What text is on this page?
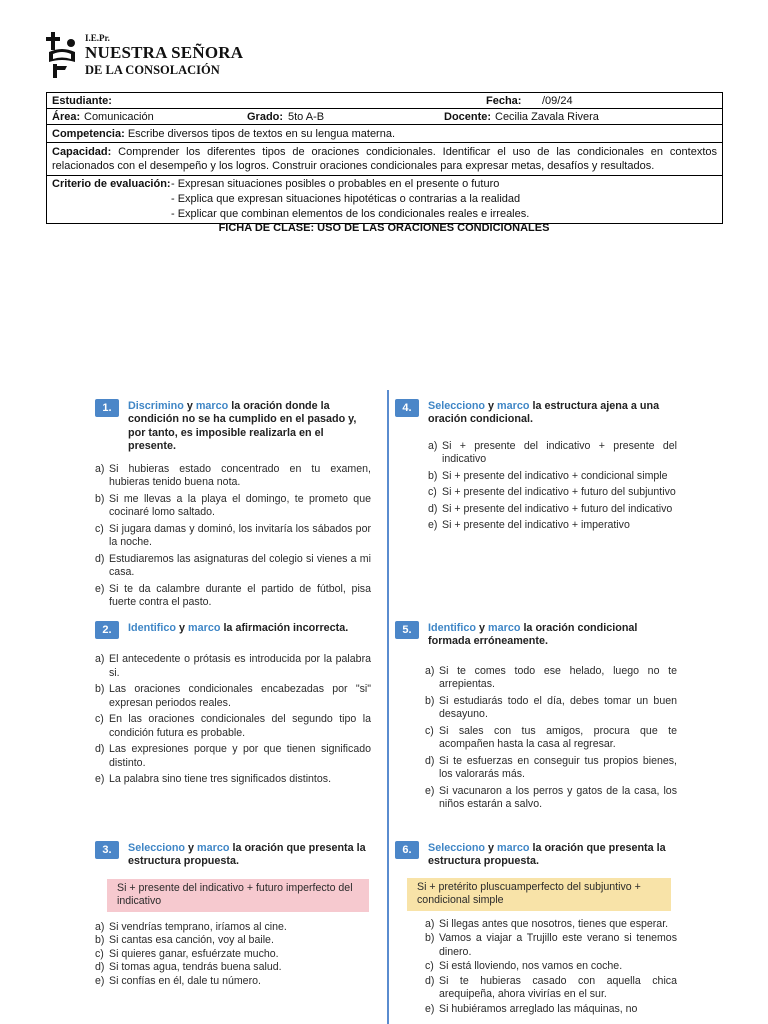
I.E.Pr.
NUESTRA SEÑORA
DE LA CONSOLACIÓN
Estudiante:	Fecha: /09/24
Área: Comunicación	Grado: 5to A-B	Docente: Cecilia Zavala Rivera
Competencia: Escribe diversos tipos de textos en su lengua materna.
Capacidad: Comprender los diferentes tipos de oraciones condicionales. Identificar el uso de las condicionales en contextos relacionados con el desempeño y los logros. Construir oraciones condicionales para expresar metas, desafíos y resultados.
Criterio de evaluación: - Expresan situaciones posibles o probables en el presente o futuro
- Explica que expresan situaciones hipotéticas o contrarias a la realidad
- Explicar que combinan elementos de los condicionales reales e irreales.
FICHA DE CLASE: USO DE LAS ORACIONES CONDICIONALES
1.	Discrimino y marco la oración donde la condición no se ha cumplido en el pasado y, por tanto, es imposible realizarla en el presente.
a) Si hubieras estado concentrado en tu examen, hubieras tenido buena nota.
b) Si me llevas a la playa el domingo, te prometo que cocinaré lomo saltado.
c) Si jugara damas y dominó, los invitaría los sábados por la noche.
d) Estudiaremos las asignaturas del colegio si vienes a mi casa.
e) Si te da calambre durante el partido de fútbol, pisa fuerte contra el pasto.
2.	Identifico y marco la afirmación incorrecta.
a) El antecedente o prótasis es introducida por la palabra si.
b) Las oraciones condicionales encabezadas por "si" expresan periodos reales.
c) En las oraciones condicionales del segundo tipo la condición futura es probable.
d) Las expresiones porque y por que tienen significado distinto.
e) La palabra sino tiene tres significados distintos.
3.	Selecciono y marco la oración que presenta la estructura propuesta.
Si + presente del indicativo + futuro imperfecto del indicativo
a) Si vendrías temprano, iríamos al cine.
b) Si cantas esa canción, voy al baile.
c) Si quieres ganar, esfuérzate mucho.
d) Si tomas agua, tendrás buena salud.
e) Si confías en él, dale tu número.
4.	Selecciono y marco la estructura ajena a una oración condicional.
a) Si + presente del indicativo + presente del indicativo
b) Si + presente del indicativo + condicional simple
c) Si + presente del indicativo + futuro del subjuntivo
d) Si + presente del indicativo + futuro del indicativo
e) Si + presente del indicativo + imperativo
5.	Identifico y marco la oración condicional formada erróneamente.
a) Si te comes todo ese helado, luego no te arrepientas.
b) Si estudiarás todo el día, debes tomar un buen desayuno.
c) Si sales con tus amigos, procura que te acompañen hasta la casa al regresar.
d) Si te esfuerzas en conseguir tus propios bienes, los valorarás más.
e) Si vacunaron a los perros y gatos de la casa, los niños estarán a salvo.
6.	Selecciono y marco la oración que presenta la estructura propuesta.
Si + pretérito pluscuamperfecto del subjuntivo + condicional simple
a) Si llegas antes que nosotros, tienes que esperar.
b) Vamos a viajar a Trujillo este verano si tenemos dinero.
c) Si está lloviendo, nos vamos en coche.
d) Si te hubieras casado con aquella chica arequipeña, ahora vivirías en el sur.
e) Si hubiéramos arreglado las máquinas, no
